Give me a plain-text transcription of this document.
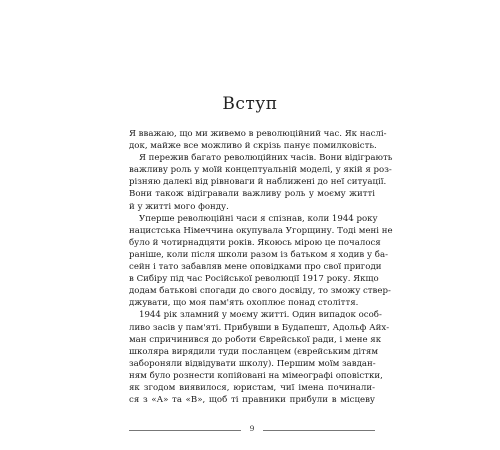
Вступ
Я вважаю, що ми живемо в революційний час. Як наслі-
док, майже все можливо й скрізь панує помилковість.
Я пережив багато революційних часів. Вони відіграють
важливу роль у моїй концептуальній моделі, у якій я роз-
різняю далекі від рівноваги й наближені до неї ситуації.
Вони також відігравали важливу роль у моєму житті
й у житті мого фонду.
Уперше революційні часи я спізнав, коли 1944 року
нацистська Німеччина окупувала Угорщину. Тоді мені не
було й чотирнадцяти років. Якоюсь мірою це почалося
раніше, коли після школи разом із батьком я ходив у ба-
сейн і тато забавляв мене оповідками про свої пригоди
в Сибіру під час Російської революції 1917 року. Якщо
додам батькові спогади до свого досвіду, то зможу ствер-
джувати, що моя пам'ять охоплює понад століття.
1944 рік зламний у моєму житті. Один випадок особ-
ливо засів у пам'яті. Прибувши в Будапешт, Адольф Айх-
ман спричинився до роботи Єврейської ради, і мене як
школяра вирядили туди посланцем (єврейським дітям
забороняли відвідувати школу). Першим моїм завдан-
ням було рознести копійовані на мімеографі оповістки,
як згодом виявилося, юристам, чиї імена починали-
ся з «А» та «В», щоб ті правники прибули в місцеву
9
